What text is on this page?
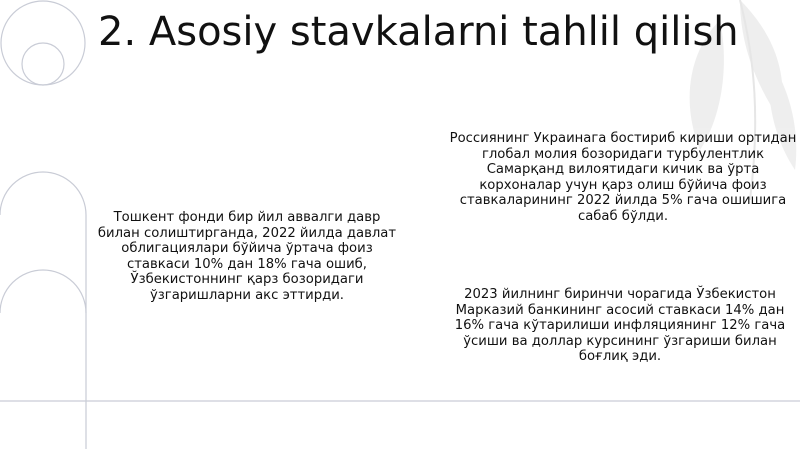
2. Asosiy stavkalarni tahlil qilish

Тошкент фонди бир йил аввалги давр билан солиштирганда, 2022 йилда давлат облигациялари бўйича ўртача фоиз ставкаси 10% дан 18% гача ошиб, Ўзбекистоннинг қарз бозоридаги ўзгаришларни акс эттирди.

Россиянинг Украинага бостириб кириши ортидан глобал молия бозоридаги турбулентлик Самарқанд вилоятидаги кичик ва ўрта корхоналар учун қарз олиш бўйича фоиз ставкаларининг 2022 йилда 5% гача ошишига сабаб бўлди.

2023 йилнинг биринчи чорагида Ўзбекистон Марказий банкининг асосий ставкаси 14% дан 16% гача кўтарилиши инфляциянинг 12% гача ўсиши ва доллар курсининг ўзгариши билан боғлиқ эди.
